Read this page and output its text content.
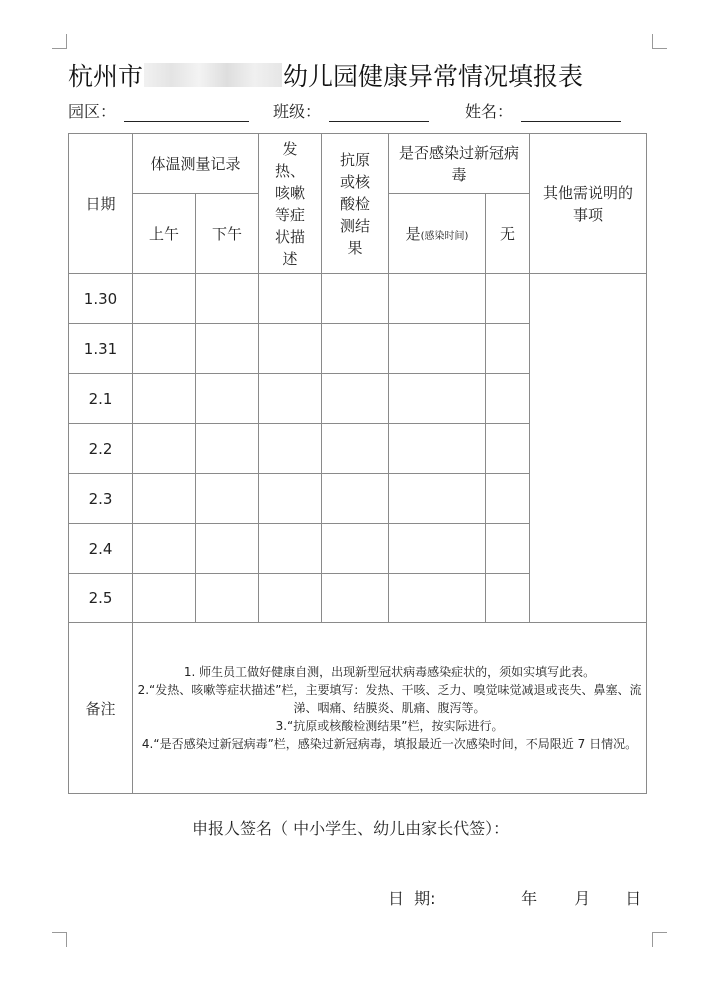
杭州市	幼儿园健康异常情况填报表
园区：	班级：	姓名：
日期	体温测量记录		发热、咳嗽等症状描述	抗原或核酸检测结果	是否感染过新冠病毒		其他需说明的事项

	上午	下午			是(感染时间)	无	
1.30							
1.31							
2.1							
2.2							
2.3							
2.4							
2.5							
备注	1. 师生员工做好健康自测，出现新型冠状病毒感染症状的，须如实填写此表。
2.“发热、咳嗽等症状描述”栏，主要填写：发热、干咳、乏力、嗅觉味觉减退或丧失、鼻塞、流涕、咽痛、结膜炎、肌痛、腹泻等。
3.“抗原或核酸检测结果”栏，按实际进行。
4.“是否感染过新冠病毒”栏，感染过新冠病毒，填报最近一次感染时间，不局限近 7 日情况。						
申报人签名（ 中小学生、幼儿由家长代签）：
日  期:	年 月 日
